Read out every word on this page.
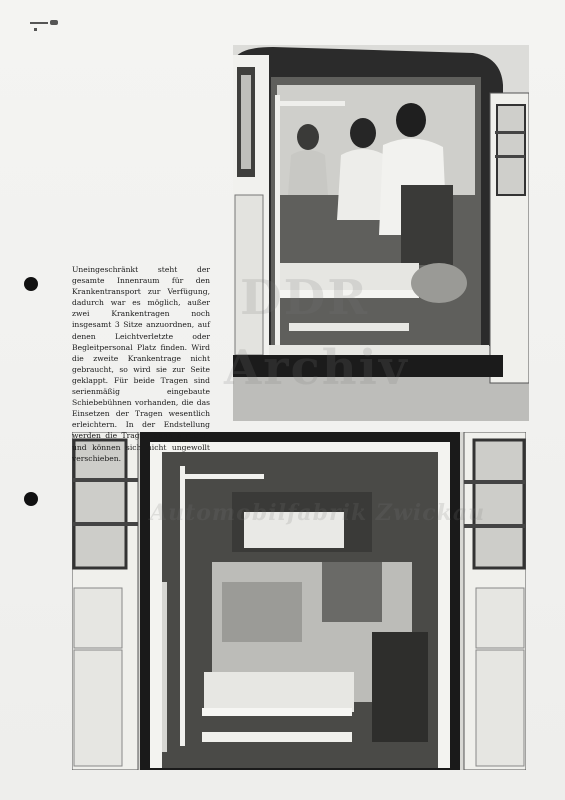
Uneingeschränkt steht der gesamte Innenraum für den Krankentransport zur Verfügung, dadurch war es möglich, außer zwei Krankentragen noch insgesamt 3 Sitze anzuordnen, auf denen Leichtverletzte oder Begleitpersonal Platz finden. Wird die zweite Krankentrage nicht gebraucht, so wird sie zur Seite geklappt. Für beide Tragen sind serienmäßig eingebaute Schiebebühnen vorhanden, die das Einsetzen der Tragen wesentlich erleichtern. In der Endstellung werden die Tragen dann arretiert und können sich nicht ungewollt verschieben.
